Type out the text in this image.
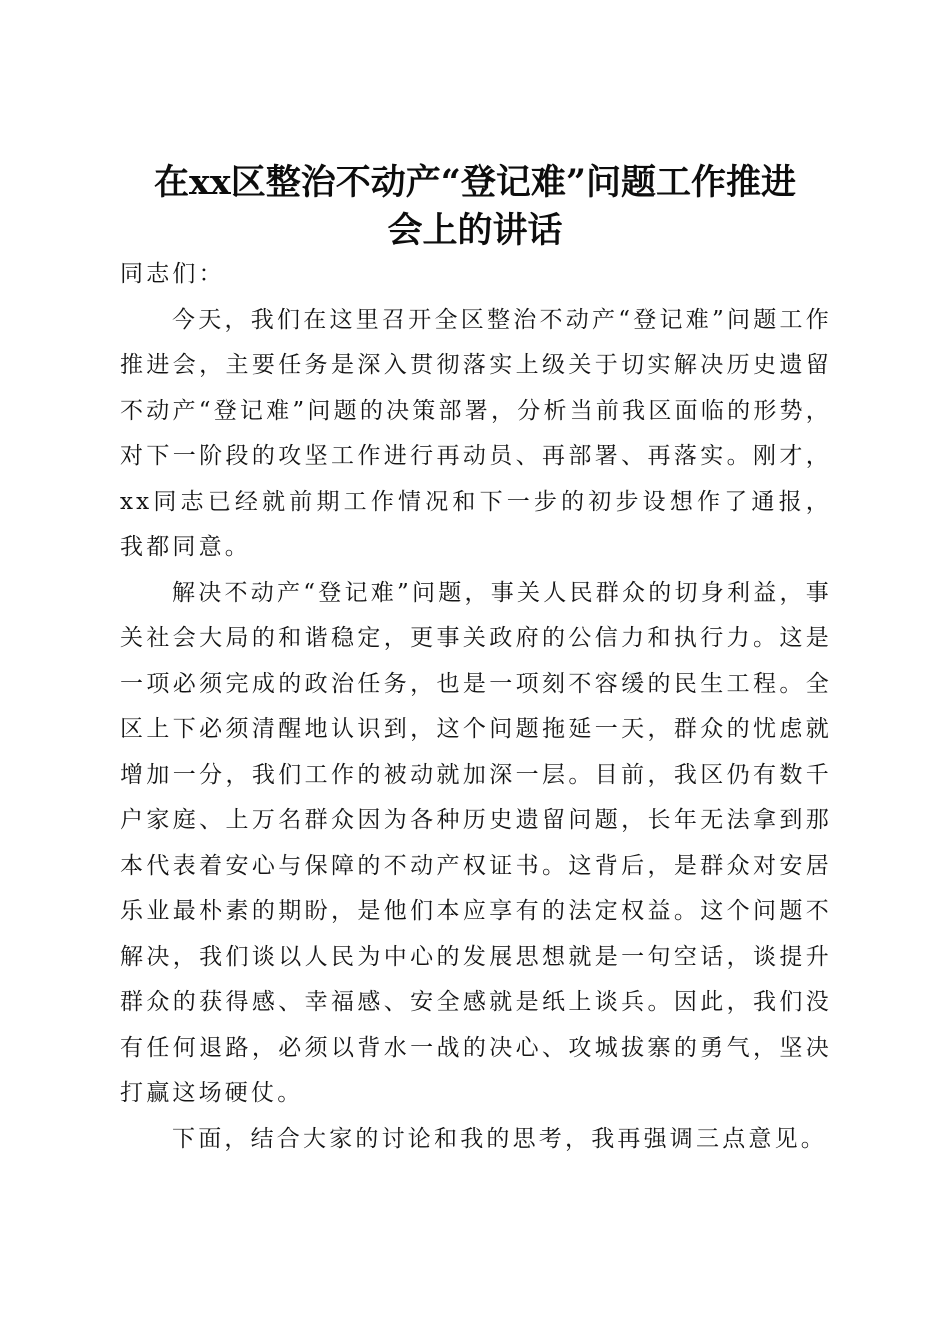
在xx区整治不动产“登记难”问题工作推进
会上的讲话

同志们：

今天，我们在这里召开全区整治不动产“登记难”问题工作推进会，主要任务是深入贯彻落实上级关于切实解决历史遗留不动产“登记难”问题的决策部署，分析当前我区面临的形势，对下一阶段的攻坚工作进行再动员、再部署、再落实。刚才，xx同志已经就前期工作情况和下一步的初步设想作了通报，我都同意。

解决不动产“登记难”问题，事关人民群众的切身利益，事关社会大局的和谐稳定，更事关政府的公信力和执行力。这是一项必须完成的政治任务，也是一项刻不容缓的民生工程。全区上下必须清醒地认识到，这个问题拖延一天，群众的忧虑就增加一分，我们工作的被动就加深一层。目前，我区仍有数千户家庭、上万名群众因为各种历史遗留问题，长年无法拿到那本代表着安心与保障的不动产权证书。这背后，是群众对安居乐业最朴素的期盼，是他们本应享有的法定权益。这个问题不解决，我们谈以人民为中心的发展思想就是一句空话，谈提升群众的获得感、幸福感、安全感就是纸上谈兵。因此，我们没有任何退路，必须以背水一战的决心、攻城拔寨的勇气，坚决打赢这场硬仗。

下面，结合大家的讨论和我的思考，我再强调三点意见。
